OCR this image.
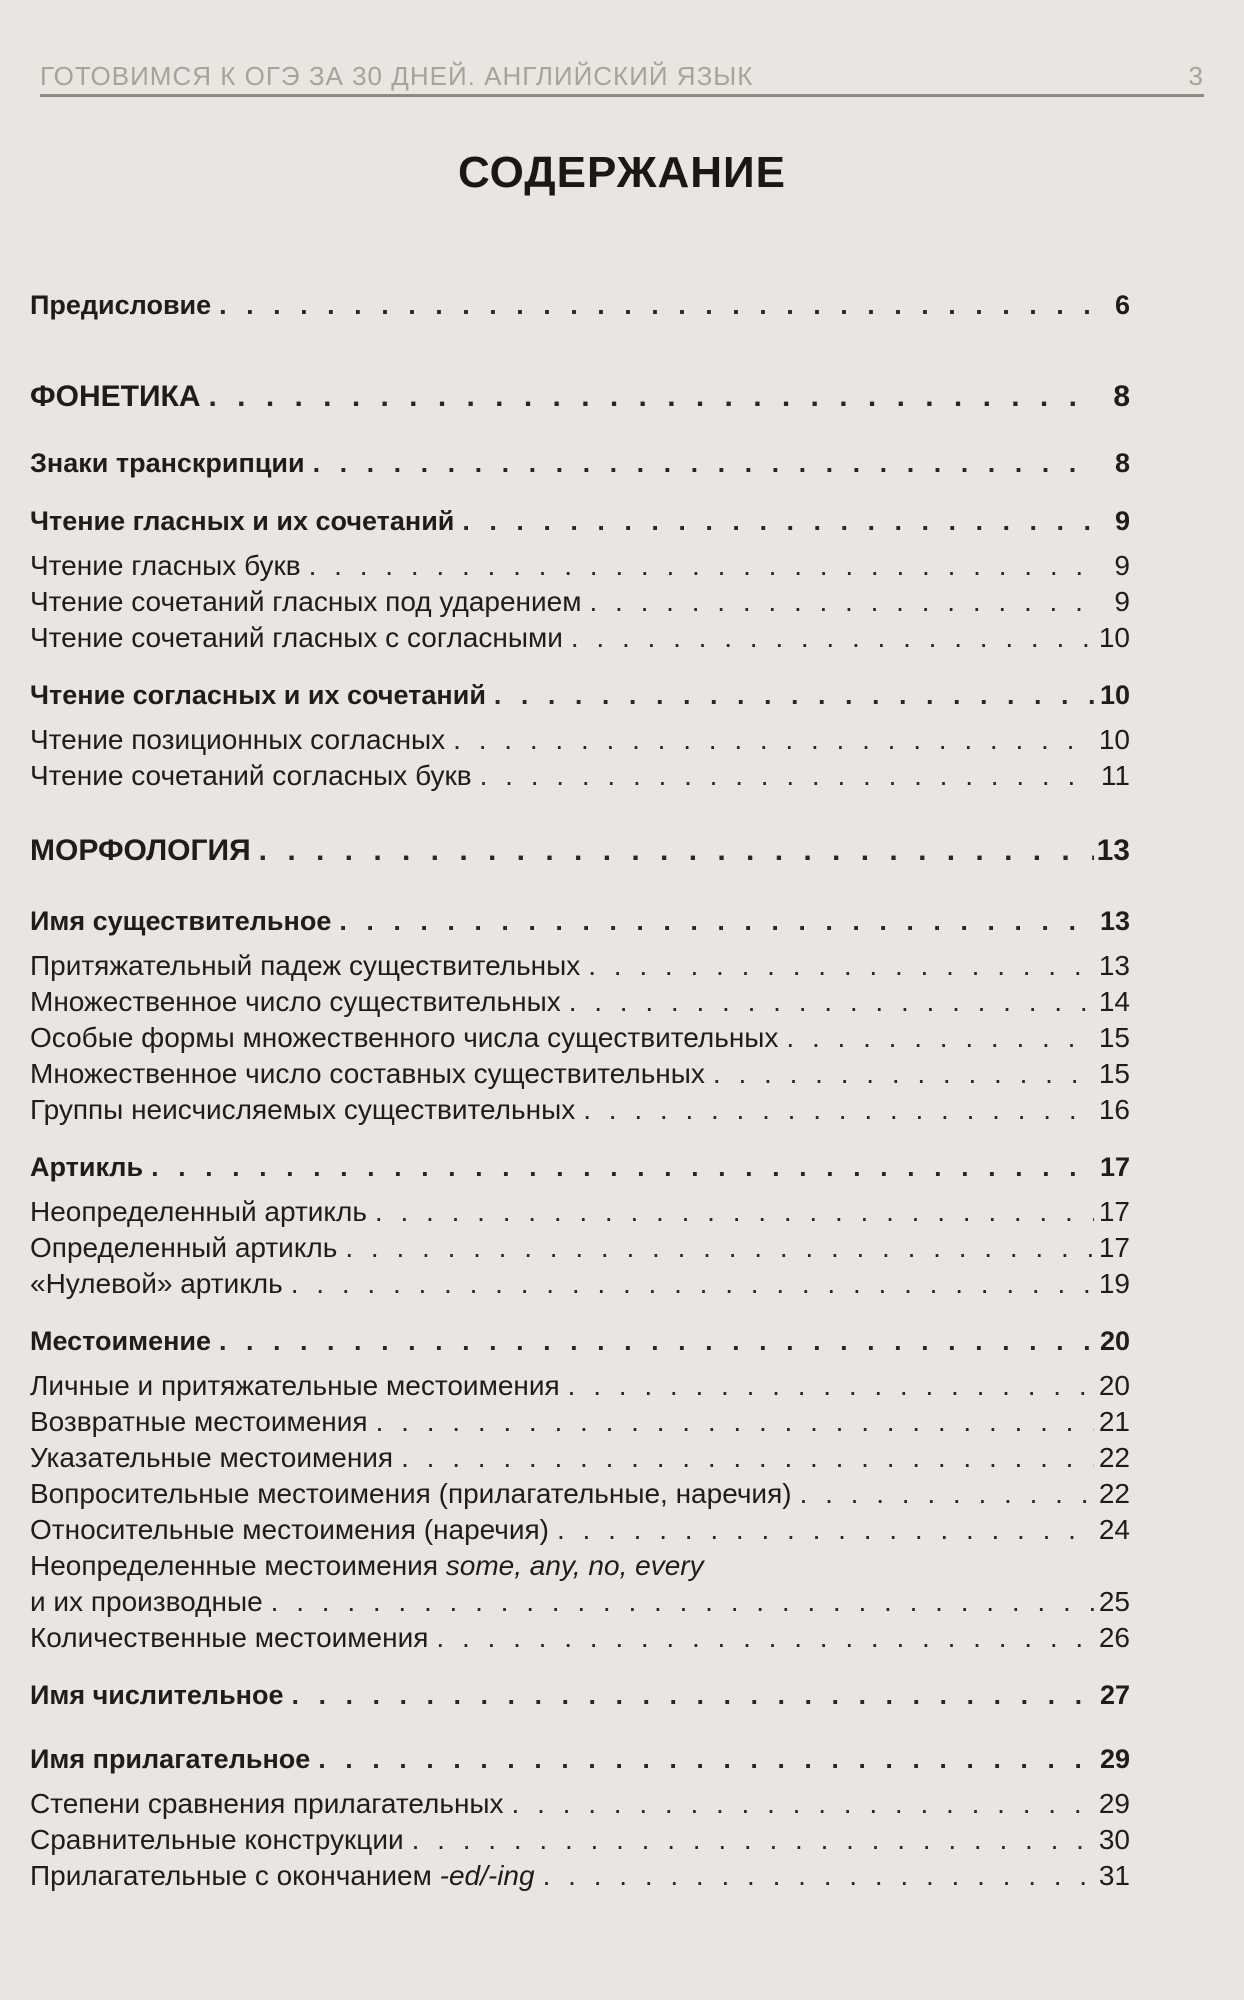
ГОТОВИМСЯ К ОГЭ ЗА 30 ДНЕЙ. АНГЛИЙСКИЙ ЯЗЫК	3
СОДЕРЖАНИЕ
Предисловие . . .	6
ФОНЕТИКА . . .	8
Знаки транскрипции . . .	8
Чтение гласных и их сочетаний . . .	9
Чтение гласных букв . . .	9
Чтение сочетаний гласных под ударением . . .	9
Чтение сочетаний гласных с согласными . . .	10
Чтение согласных и их сочетаний . . .	10
Чтение позиционных согласных . . .	10
Чтение сочетаний согласных букв . . .	11
МОРФОЛОГИЯ . . .	13
Имя существительное . . .	13
Притяжательный падеж существительных . . .	13
Множественное число существительных . . .	14
Особые формы множественного числа существительных . . .	15
Множественное число составных существительных . . .	15
Группы неисчисляемых существительных . . .	16
Артикль . . .	17
Неопределенный артикль . . .	17
Определенный артикль . . .	17
«Нулевой» артикль . . .	19
Местоимение . . .	20
Личные и притяжательные местоимения . . .	20
Возвратные местоимения . . .	21
Указательные местоимения . . .	22
Вопросительные местоимения (прилагательные, наречия) . . .	22
Относительные местоимения (наречия) . . .	24
Неопределенные местоимения some, any, no, every
и их производные . . .	25
Количественные местоимения . . .	26
Имя числительное . . .	27
Имя прилагательное . . .	29
Степени сравнения прилагательных . . .	29
Сравнительные конструкции . . .	30
Прилагательные с окончанием -ed/-ing . . .	31
